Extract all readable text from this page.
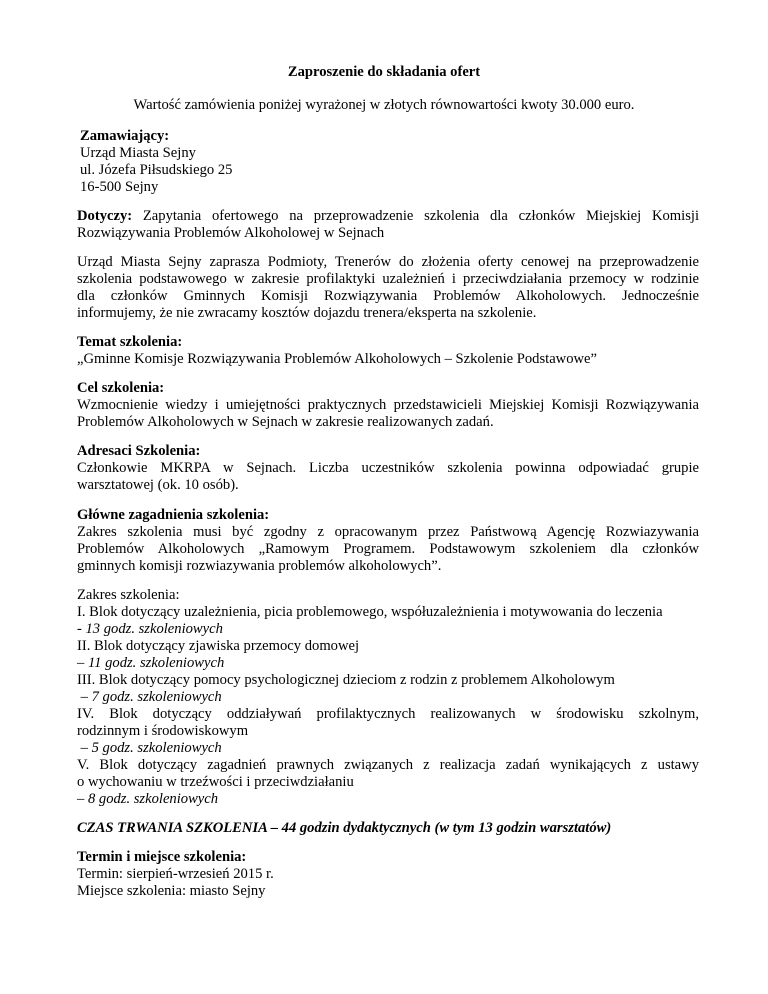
Zaproszenie do składania ofert
Wartość zamówienia poniżej wyrażonej w złotych równowartości kwoty 30.000 euro.
Zamawiający:
Urząd Miasta Sejny
ul. Józefa Piłsudskiego 25
16-500 Sejny
Dotyczy: Zapytania ofertowego na przeprowadzenie szkolenia dla członków Miejskiej Komisji
Rozwiązywania Problemów Alkoholowej w Sejnach
Urząd Miasta Sejny zaprasza Podmioty, Trenerów do złożenia oferty cenowej na przeprowadzenie
szkolenia podstawowego w zakresie profilaktyki uzależnień i przeciwdziałania przemocy w rodzinie
dla członków Gminnych Komisji Rozwiązywania Problemów Alkoholowych. Jednocześnie
informujemy, że nie zwracamy kosztów dojazdu trenera/eksperta na szkolenie.
Temat szkolenia:
„Gminne Komisje Rozwiązywania Problemów Alkoholowych – Szkolenie Podstawowe”
Cel szkolenia:
Wzmocnienie wiedzy i umiejętności praktycznych przedstawicieli Miejskiej Komisji Rozwiązywania
Problemów Alkoholowych w Sejnach w zakresie realizowanych zadań.
Adresaci Szkolenia:
Członkowie MKRPA w Sejnach. Liczba uczestników szkolenia powinna odpowiadać grupie
warsztatowej (ok. 10 osób).
Główne zagadnienia szkolenia:
Zakres szkolenia musi być zgodny z opracowanym przez Państwową Agencję Rozwiazywania
Problemów Alkoholowych „Ramowym Programem. Podstawowym szkoleniem dla członków
gminnych komisji rozwiazywania problemów alkoholowych”.
Zakres szkolenia:
I. Blok dotyczący uzależnienia, picia problemowego, współuzależnienia i motywowania do leczenia
- 13 godz. szkoleniowych
II. Blok dotyczący zjawiska przemocy domowej
– 11 godz. szkoleniowych
III. Blok dotyczący pomocy psychologicznej dzieciom z rodzin z problemem Alkoholowym
– 7 godz. szkoleniowych
IV. Blok dotyczący oddziaływań profilaktycznych realizowanych w środowisku szkolnym,
rodzinnym i środowiskowym
– 5 godz. szkoleniowych
V. Blok dotyczący zagadnień prawnych związanych z realizacja zadań wynikających z ustawy
o wychowaniu w trzeźwości i przeciwdziałaniu
– 8 godz. szkoleniowych
CZAS TRWANIA SZKOLENIA – 44 godzin dydaktycznych (w tym 13 godzin warsztatów)
Termin i miejsce szkolenia:
Termin: sierpień-wrzesień 2015 r.
Miejsce szkolenia: miasto Sejny
